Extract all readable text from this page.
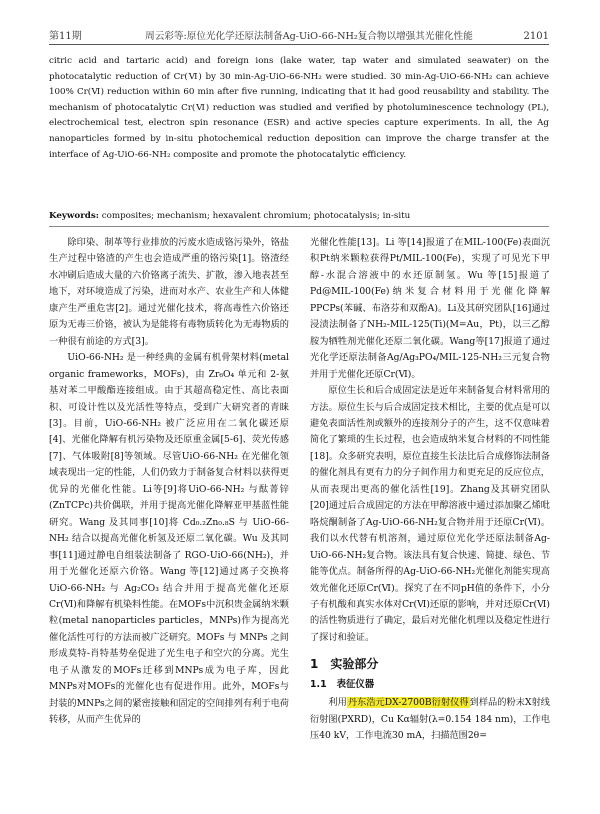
第11期	周云彩等:原位光化学还原法制备Ag-UiO-66-NH₂复合物以增强其光催化性能	2101

citric acid and tartaric acid) and foreign ions (lake water, tap water and simulated seawater) on the photocatalytic reduction of Cr(Ⅵ) by 30 min-Ag-UiO-66-NH₂ were studied. 30 min-Ag-UiO-66-NH₂ can achieve 100% Cr(Ⅵ) reduction within 60 min after five running, indicating that it had good reusability and stability. The mechanism of photocatalytic Cr(Ⅵ) reduction was studied and verified by photoluminescence technology (PL), electrochemical test, electron spin resonance (ESR) and active species capture experiments. In all, the Ag nanoparticles formed by in-situ photochemical reduction deposition can improve the charge transfer at the interface of Ag-UiO-66-NH₂ composite and promote the photocatalytic efficiency.

Keywords: composites; mechanism; hexavalent chromium; photocatalysis; in-situ

除印染、制革等行业排放的污废水造成铬污染外，铬盐生产过程中铬渣的产生也会造成严重的铬污染[1]。铬渣经水冲刷后造成大量的六价铬离子流失、扩散，渗入地表甚至地下，对环境造成了污染，进而对水产、农业生产和人体健康产生严重危害[2]。通过光催化技术，将高毒性六价铬还原为无毒三价铬，被认为是能将有毒物质转化为无毒物质的一种很有前途的方式[3]。

UiO-66-NH₂ 是一种经典的金属有机骨架材料(metal organic frameworks，MOFs)，由 Zr₆O₄ 单元和 2-氨基对苯二甲酸酯连接组成。由于其超高稳定性、高比表面积、可设计性以及光活性等特点，受到广大研究者的青睐[3]。目前，UiO-66-NH₂ 被广泛应用在二氧化碳还原[4]、光催化降解有机污染物及还原重金属[5-6]、荧光传感[7]、气体吸附[8]等领域。尽管UiO-66-NH₂ 在光催化领域表现出一定的性能，人们仍致力于制备复合材料以获得更优异的光催化性能。Li等[9]将UiO-66-NH₂ 与酞菁锌(ZnTCPc)共价偶联，并用于提高光催化降解亚甲基蓝性能研究。Wang 及其同事[10]将 Cd₀.₂Zn₀.₈S 与 UiO-66-NH₂ 结合以提高光催化析氢及还原二氧化碳。Wu 及其同事[11]通过静电自组装法制备了 RGO-UiO-66(NH₂)，并用于光催化还原六价铬。Wang 等[12]通过离子交换将 UiO-66-NH₂ 与 Ag₂CO₃ 结合并用于提高光催化还原Cr(Ⅵ)和降解有机染料性能。在MOFs中沉积贵金属纳米颗粒(metal nanoparticles particles，MNPs)作为提高光催化活性可行的方法而被广泛研究。MOFs 与 MNPs 之间形成莫特-肖特基势垒促进了光生电子和空穴的分离。光生电子从激发的MOFs迁移到MNPs成为电子库，因此MNPs对MOFs的光催化也有促进作用。此外，MOFs与封装的MNPs之间的紧密接触和固定的空间排列有利于电荷转移，从而产生优异的

光催化性能[13]。Li 等[14]报道了在MIL-100(Fe)表面沉积Pt纳米颗粒获得Pt/MIL-100(Fe)，实现了可见光下甲醇-水混合溶液中的水还原制氢。Wu 等[15]报道了Pd@MIL-100(Fe)纳米复合材料用于光催化降解PPCPs(苯碱、布洛芬和双酚A)。Li及其研究团队[16]通过浸渍法制备了NH₂-MIL-125(Ti)(M=Au，Pt)，以三乙醇胺为牺牲剂光催化还原二氧化碳。Wang等[17]报道了通过光化学还原法制备Ag/Ag₃PO₄/MIL-125-NH₂三元复合物并用于光催化还原Cr(Ⅵ)。

原位生长和后合成固定法是近年来制备复合材料常用的方法。原位生长与后合成固定技术相比，主要的优点是可以避免表面活性剂或额外的连接剂分子的产生，这不仅意味着简化了繁琐的生长过程，也会造成纳米复合材料的不同性能[18]。众多研究表明，原位直接生长法比后合成修饰法制备的催化剂具有更有力的分子间作用力和更充足的反应位点，从而表现出更高的催化活性[19]。Zhang及其研究团队[20]通过后合成固定的方法在甲醇溶液中通过添加聚乙烯吡咯烷酮制备了Ag-UiO-66-NH₂复合物并用于还原Cr(Ⅵ)。我们以水代替有机溶剂，通过原位光化学还原法制备Ag-UiO-66-NH₂复合物。该法具有复合快速、简捷、绿色、节能等优点。制备所得的Ag-UiO-66-NH₂光催化剂能实现高效光催化还原Cr(Ⅵ)。探究了在不同pH值的条件下，小分子有机酸和真实水体对Cr(Ⅵ)还原的影响，并对还原Cr(Ⅵ)的活性物质进行了确定，最后对光催化机理以及稳定性进行了探讨和验证。

1 实验部分
1.1 表征仪器

利用丹东浩元DX-2700B衍射仪得到样品的粉末X射线衍射图(PXRD)，Cu Kα辐射(λ=0.154 184 nm)，工作电压40 kV，工作电流30 mA，扫描范围2θ=
